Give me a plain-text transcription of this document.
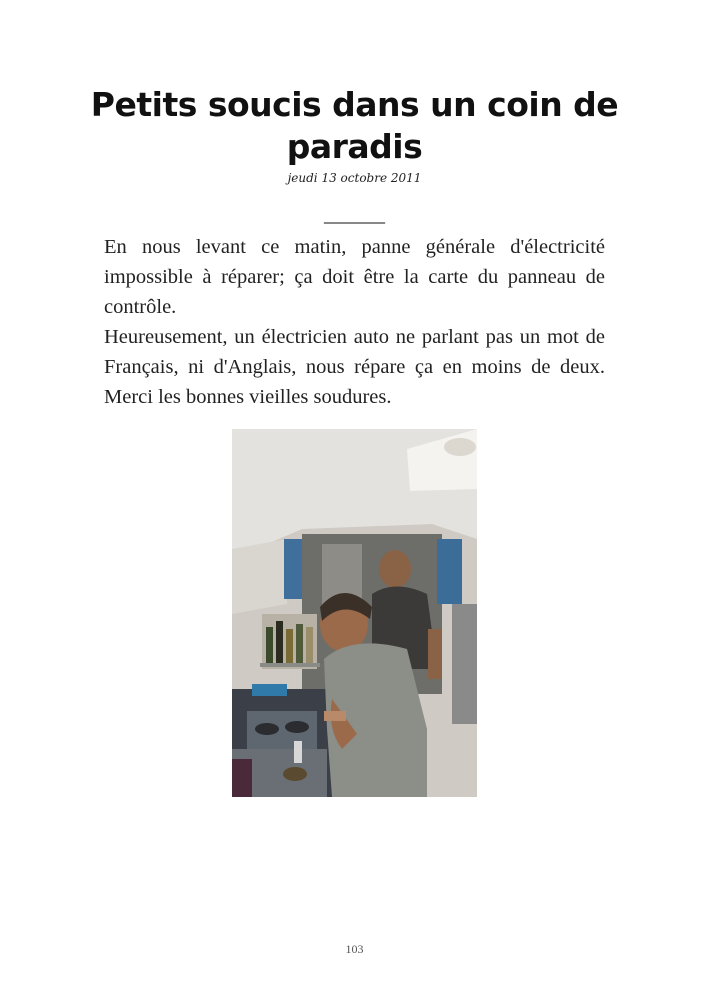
Petits soucis dans un coin de paradis
jeudi 13 octobre 2011
__________

En nous levant ce matin, panne générale d'électricité impossible à réparer; ça doit être la carte du panneau de contrôle.

Heureusement, un électricien auto ne parlant pas un mot de Français, ni d'Anglais, nous répare ça en moins de deux. Merci les bonnes vieilles soudures.

103
